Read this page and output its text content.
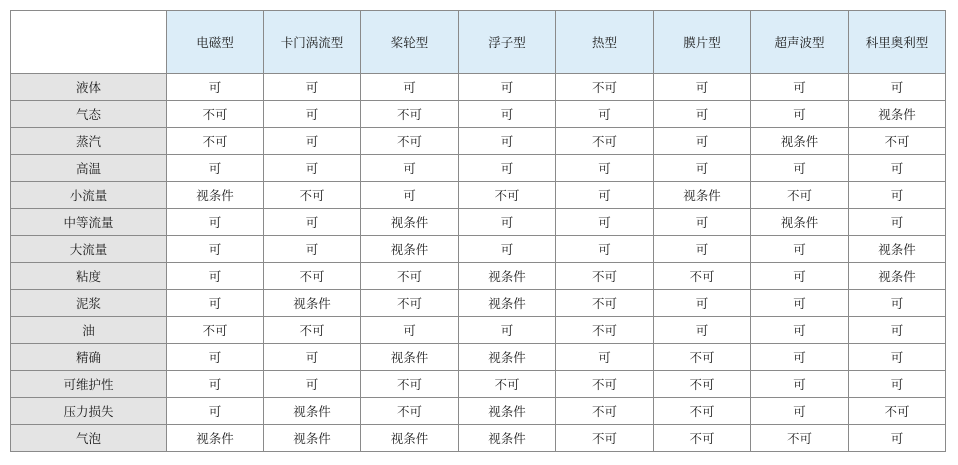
	电磁型	卡门涡流型	桨轮型	浮子型	热型	膜片型	超声波型	科里奥利型
液体	可	可	可	可	不可	可	可	可
气态	不可	可	不可	可	可	可	可	视条件
蒸汽	不可	可	不可	可	不可	可	视条件	不可
高温	可	可	可	可	可	可	可	可
小流量	视条件	不可	可	不可	可	视条件	不可	可
中等流量	可	可	视条件	可	可	可	视条件	可
大流量	可	可	视条件	可	可	可	可	视条件
粘度	可	不可	不可	视条件	不可	不可	可	视条件
泥浆	可	视条件	不可	视条件	不可	可	可	可
油	不可	不可	可	可	不可	可	可	可
精确	可	可	视条件	视条件	可	不可	可	可
可维护性	可	可	不可	不可	不可	不可	可	可
压力损失	可	视条件	不可	视条件	不可	不可	可	不可
气泡	视条件	视条件	视条件	视条件	不可	不可	不可	可
